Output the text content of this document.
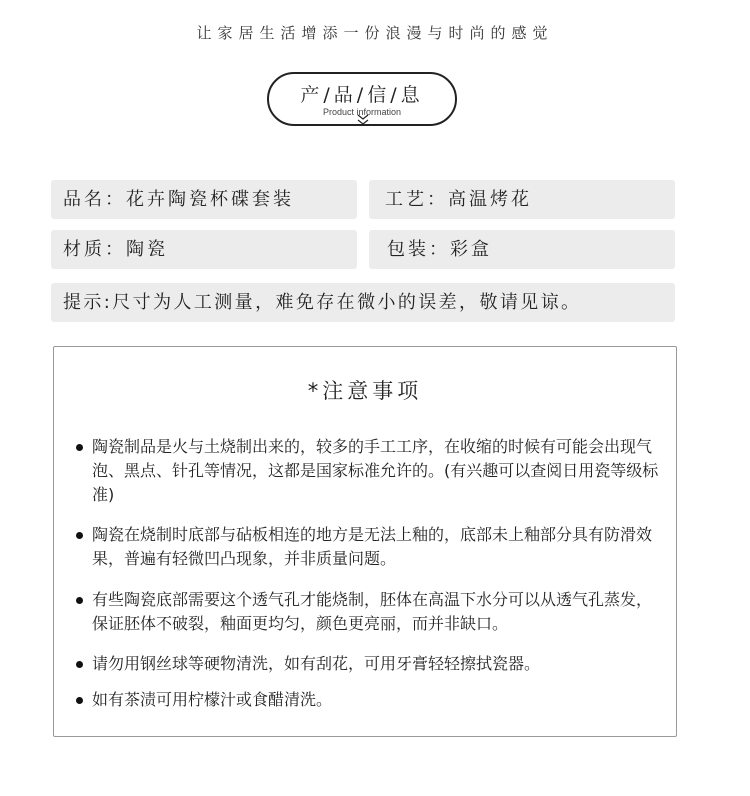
让家居生活增添一份浪漫与时尚的感觉
产/品/信/息
Product information
品名：花卉陶瓷杯碟套装	工艺：高温烤花
材质：陶瓷	包装：彩盒
提示:尺寸为人工测量，难免存在微小的误差，敬请见谅。
*注意事项
陶瓷制品是火与土烧制出来的，较多的手工工序，在收缩的时候有可能会出现气泡、黑点、针孔等情况，这都是国家标准允许的。(有兴趣可以查阅日用瓷等级标准)
陶瓷在烧制时底部与砧板相连的地方是无法上釉的，底部未上釉部分具有防滑效果，普遍有轻微凹凸现象，并非质量问题。
有些陶瓷底部需要这个透气孔才能烧制，胚体在高温下水分可以从透气孔蒸发，保证胚体不破裂，釉面更均匀，颜色更亮丽，而并非缺口。
请勿用钢丝球等硬物清洗，如有刮花，可用牙膏轻轻擦拭瓷器。
如有茶渍可用柠檬汁或食醋清洗。
